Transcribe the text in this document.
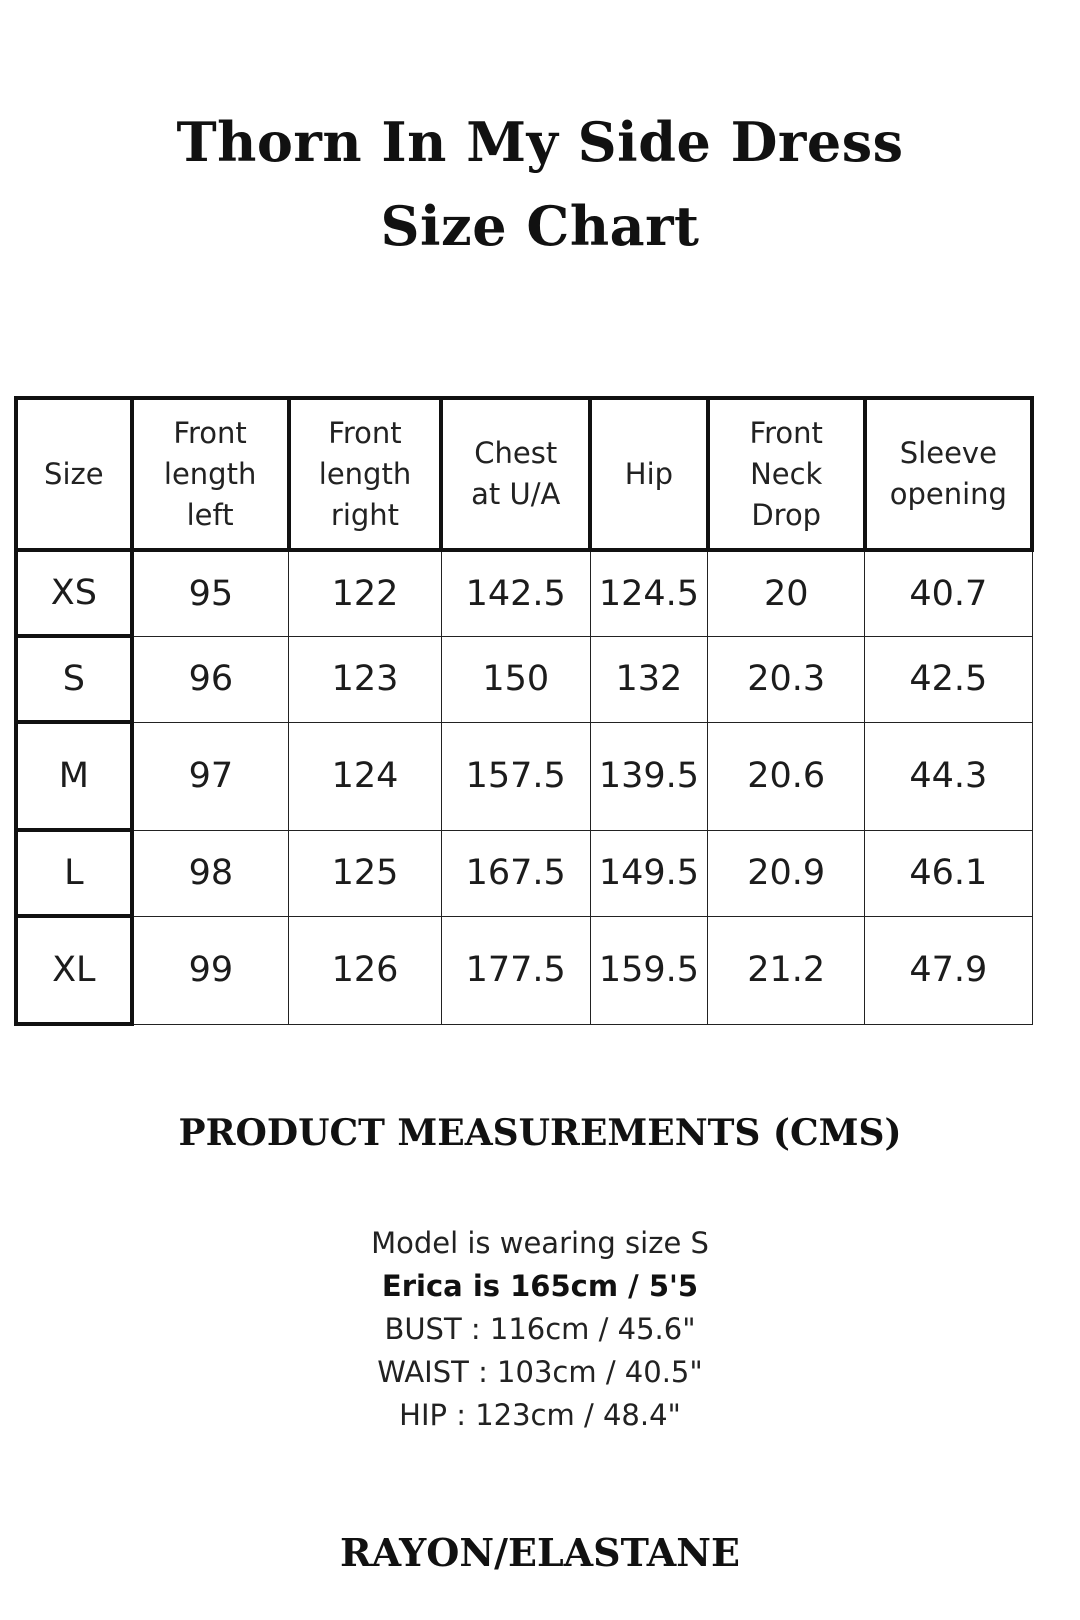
Thorn In My Side Dress
Size Chart
Size	Front
length
left	Front
length
right	Chest
at U/A	Hip	Front
Neck
Drop	Sleeve
opening
XS	95	122	142.5	124.5	20	40.7
S	96	123	150	132	20.3	42.5
M	97	124	157.5	139.5	20.6	44.3
L	98	125	167.5	149.5	20.9	46.1
XL	99	126	177.5	159.5	21.2	47.9
PRODUCT MEASUREMENTS (CMS)
Model is wearing size S
Erica is 165cm / 5'5
BUST : 116cm / 45.6"
WAIST : 103cm / 40.5"
HIP : 123cm / 48.4"
RAYON/ELASTANE
